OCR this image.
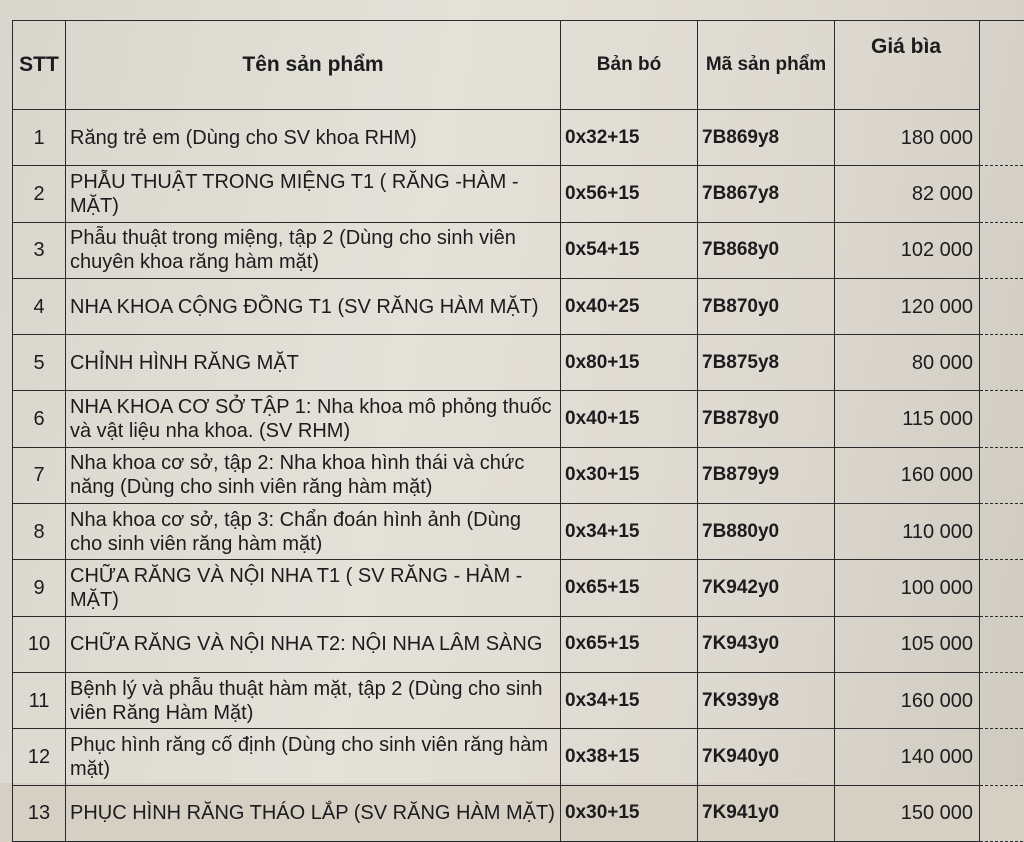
STT	Tên sản phẩm	Bản bó	Mã sản phẩm	Giá bìa	
1	Răng trẻ em (Dùng cho SV khoa RHM)	0x32+15	7B869y8	180 000	
2	PHẪU THUẬT TRONG MIỆNG T1 ( RĂNG -HÀM - MẶT)	0x56+15	7B867y8	82 000	
3	Phẫu thuật trong miệng, tập 2 (Dùng cho sinh viên chuyên khoa răng hàm mặt)	0x54+15	7B868y0	102 000	
4	NHA KHOA CỘNG ĐỒNG T1 (SV RĂNG HÀM MẶT)	0x40+25	7B870y0	120 000	
5	CHỈNH HÌNH RĂNG MẶT	0x80+15	7B875y8	80 000	
6	NHA KHOA CƠ SỞ TẬP 1: Nha khoa mô phỏng thuốc và vật liệu nha khoa. (SV RHM)	0x40+15	7B878y0	115 000	
7	Nha khoa cơ sở, tập 2: Nha khoa hình thái và chức năng (Dùng cho sinh viên răng hàm mặt)	0x30+15	7B879y9	160 000	
8	Nha khoa cơ sở, tập 3: Chẩn đoán hình ảnh (Dùng cho sinh viên răng hàm mặt)	0x34+15	7B880y0	110 000	
9	CHỮA RĂNG VÀ NỘI NHA T1 ( SV RĂNG - HÀM - MẶT)	0x65+15	7K942y0	100 000	
10	CHỮA RĂNG VÀ NỘI NHA T2: NỘI NHA LÂM SÀNG	0x65+15	7K943y0	105 000	
11	Bệnh lý và phẫu thuật hàm mặt, tập 2 (Dùng cho sinh viên Răng Hàm Mặt)	0x34+15	7K939y8	160 000	
12	Phục hình răng cố định (Dùng cho sinh viên răng hàm mặt)	0x38+15	7K940y0	140 000	
13	PHỤC HÌNH RĂNG THÁO LẮP (SV RĂNG HÀM MẶT)	0x30+15	7K941y0	150 000	
